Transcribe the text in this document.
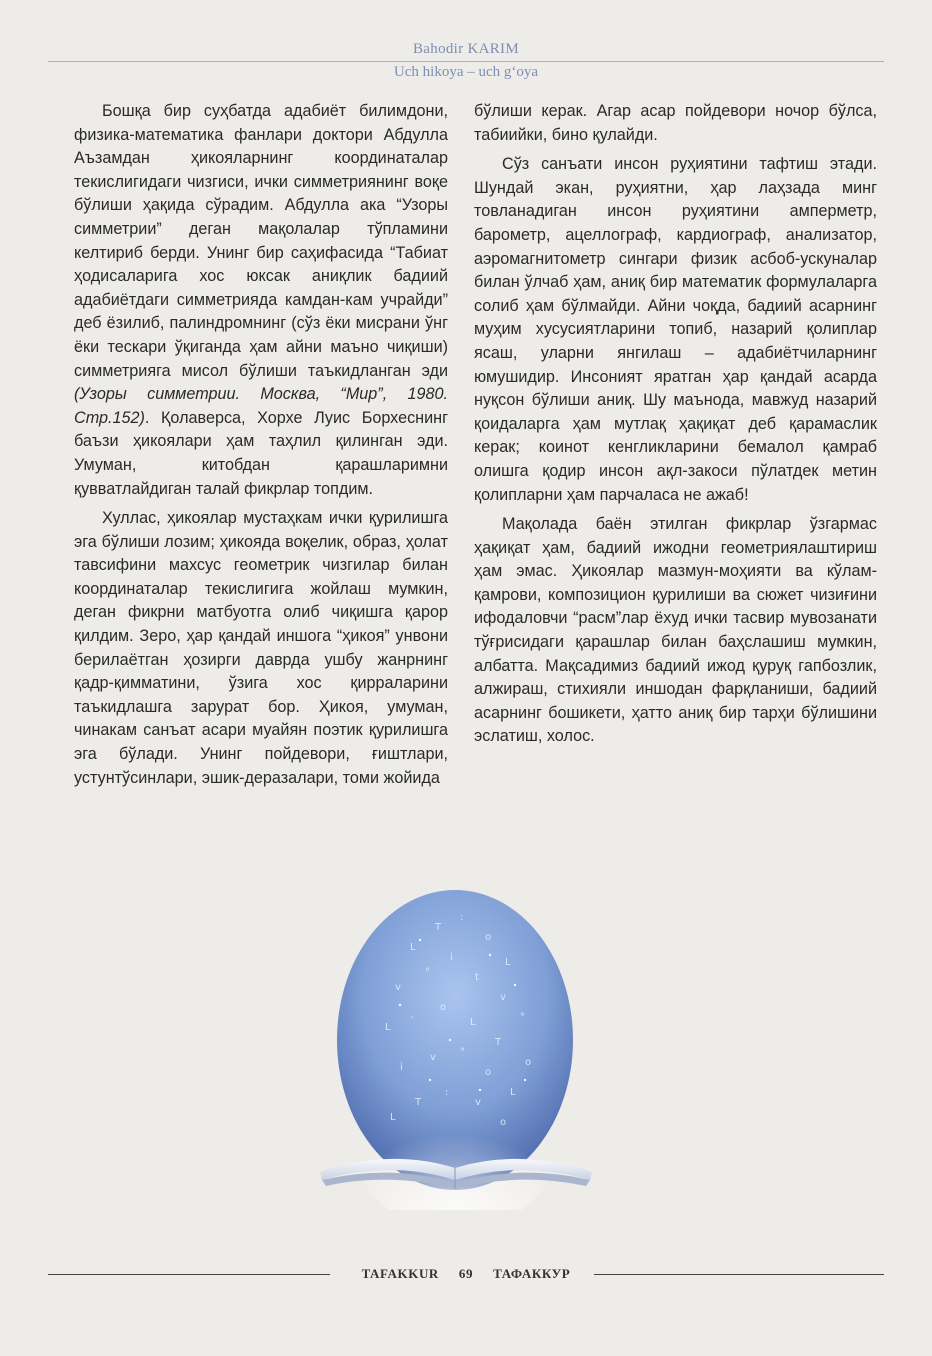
Bahodir KARIM
Uch hikoya – uch g‘oya

Бошқа бир суҳбатда адабиёт билимдони, физика-математика фанлари доктори Абдулла Аъзамдан ҳикояларнинг координаталар текислигидаги чизгиси, ички симметриянинг воқе бўлиши ҳақида сўрадим. Абдулла ака “Узоры симметрии” деган мақолалар тўпламини келтириб берди. Унинг бир саҳифасида “Табиат ҳодисаларига хос юксак аниқлик бадиий адабиётдаги симметрияда камдан-кам учрайди” деб ёзилиб, палиндромнинг (сўз ёки мисрани ўнг ёки тескари ўқиганда ҳам айни маъно чиқиши) симметрияга мисол бўлиши таъкидланган эди (Узоры симметрии. Москва, “Мир”, 1980. Стр.152). Қолаверса, Хорхе Луис Борхеснинг баъзи ҳикоялари ҳам таҳлил қилинган эди. Умуман, китобдан қарашларимни қувватлайдиган талай фикрлар топдим.

Хуллас, ҳикоялар мустаҳкам ички қурилишга эга бўлиши лозим; ҳикояда воқелик, образ, ҳолат тавсифини махсус геометрик чизгилар билан координаталар текислигига жойлаш мумкин, деган фикрни матбуотга олиб чиқишга қарор қилдим. Зеро, ҳар қандай иншога “ҳикоя” унвони берилаётган ҳозирги даврда ушбу жанрнинг қадр-қимматини, ўзига хос қирраларини таъкидлашга зарурат бор. Ҳикоя, умуман, чинакам санъат асари муайян поэтик қурилишга эга бўлади. Унинг пойдевори, ғиштлари, устунтўсинлари, эшик-деразалари, томи жойида

бўлиши керак. Агар асар пойдевори ночор бўлса, табиийки, бино қулайди.

Сўз санъати инсон руҳиятини тафтиш этади. Шундай экан, руҳиятни, ҳар лаҳзада минг товланадиган инсон руҳиятини амперметр, барометр, ацеллограф, кардиограф, анализатор, аэромагнитометр сингари физик асбоб-ускуналар билан ўлчаб ҳам, аниқ бир математик формулаларга солиб ҳам бўлмайди. Айни чоқда, бадиий асарнинг муҳим хусусиятларини топиб, назарий қолиплар ясаш, уларни янгилаш – адабиётчиларнинг юмушидир. Инсоният яратган ҳар қандай асарда нуқсон бўлиши аниқ. Шу маънода, мавжуд назарий қоидаларга ҳам мутлақ ҳақиқат деб қарамаслик керак; коинот кенгликларини бемалол қамраб олишга қодир инсон ақл-закоси пўлатдек метин қолипларни ҳам парчаласа не ажаб!

Мақолада баён этилган фикрлар ўзгармас ҳақиқат ҳам, бадиий ижодни геометриялаштириш ҳам эмас. Ҳикоялар мазмун-моҳияти ва кўлам-қамрови, композицион қурилиши ва сюжет чизиғини ифодаловчи “расм”лар ёхуд ички тасвир мувозанати тўғрисидаги қарашлар билан баҳслашиш мумкин, албатта. Мақсадимиз бадиий ижод қуруқ гапбозлик, алжираш, стихияли иншодан фарқланиши, бадиий асарнинг бошикети, ҳатто аниқ бир тарҳи бўлишини эслатиш, холос.

L
T
:
o
L
v
°
i
t
v
°
L
-
o
L
T
o
i
v °
o
L
T
:
v
o
L
TAFAKKUR 69 ТАФАККУР
